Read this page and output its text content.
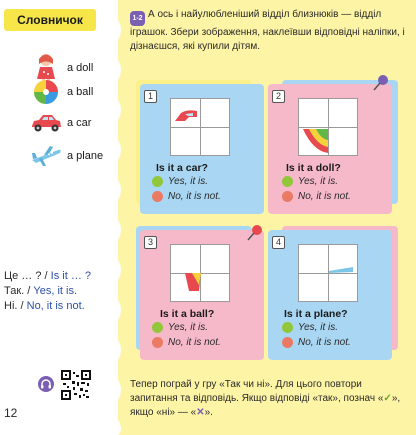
Словничок
a doll
a ball
a car
a plane
Це … ? / Is it … ?
Так. / Yes, it is.
Ні. / No, it is not.
12
1-2 А ось і найулюбленіший відділ близнюків — відділ іграшок. Збери зображення, наклеївши відповідні наліпки, і дізнаєшся, які купили дітям.
1
Is it a car?
Yes, it is.
No, it is not.
2
Is it a doll?
Yes, it is.
No, it is not.
3
Is it a ball?
Yes, it is.
No, it is not.
4
Is it a plane?
Yes, it is.
No, it is not.
Тепер пограй у гру «Так чи ні». Для цього повтори запитання та відповідь. Якщо відповіді «так», познач «✓», якщо «ні» — «✕».
